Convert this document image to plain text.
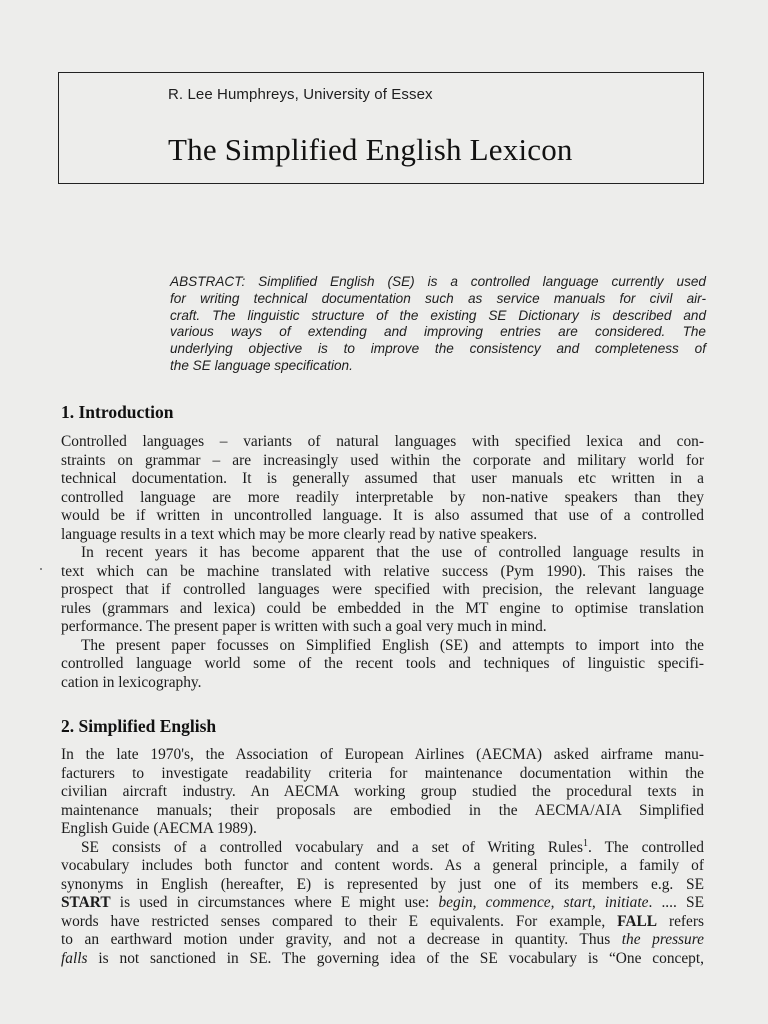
R. Lee Humphreys, University of Essex
The Simplified English Lexicon
ABSTRACT: Simplified English (SE) is a controlled language currently used
for writing technical documentation such as service manuals for civil air-
craft. The linguistic structure of the existing SE Dictionary is described and
various ways of extending and improving entries are considered. The
underlying objective is to improve the consistency and completeness of
the SE language specification.
1. Introduction
Controlled languages – variants of natural languages with specified lexica and con-
straints on grammar – are increasingly used within the corporate and military world for
technical documentation. It is generally assumed that user manuals etc written in a
controlled language are more readily interpretable by non-native speakers than they
would be if written in uncontrolled language. It is also assumed that use of a controlled
language results in a text which may be more clearly read by native speakers.
In recent years it has become apparent that the use of controlled language results in
text which can be machine translated with relative success (Pym 1990). This raises the
prospect that if controlled languages were specified with precision, the relevant language
rules (grammars and lexica) could be embedded in the MT engine to optimise translation
performance. The present paper is written with such a goal very much in mind.
The present paper focusses on Simplified English (SE) and attempts to import into the
controlled language world some of the recent tools and techniques of linguistic specifi-
cation in lexicography.
2. Simplified English
In the late 1970's, the Association of European Airlines (AECMA) asked airframe manu-
facturers to investigate readability criteria for maintenance documentation within the
civilian aircraft industry. An AECMA working group studied the procedural texts in
maintenance manuals; their proposals are embodied in the AECMA/AIA Simplified
English Guide (AECMA 1989).
SE consists of a controlled vocabulary and a set of Writing Rules$^1$. The controlled
vocabulary includes both functor and content words. As a general principle, a family of
synonyms in English (hereafter, E) is represented by just one of its members e.g. SE
START is used in circumstances where E might use: begin, commence, start, initiate. .... SE
words have restricted senses compared to their E equivalents. For example, FALL refers
to an earthward motion under gravity, and not a decrease in quantity. Thus the pressure
falls is not sanctioned in SE. The governing idea of the SE vocabulary is “One concept,
